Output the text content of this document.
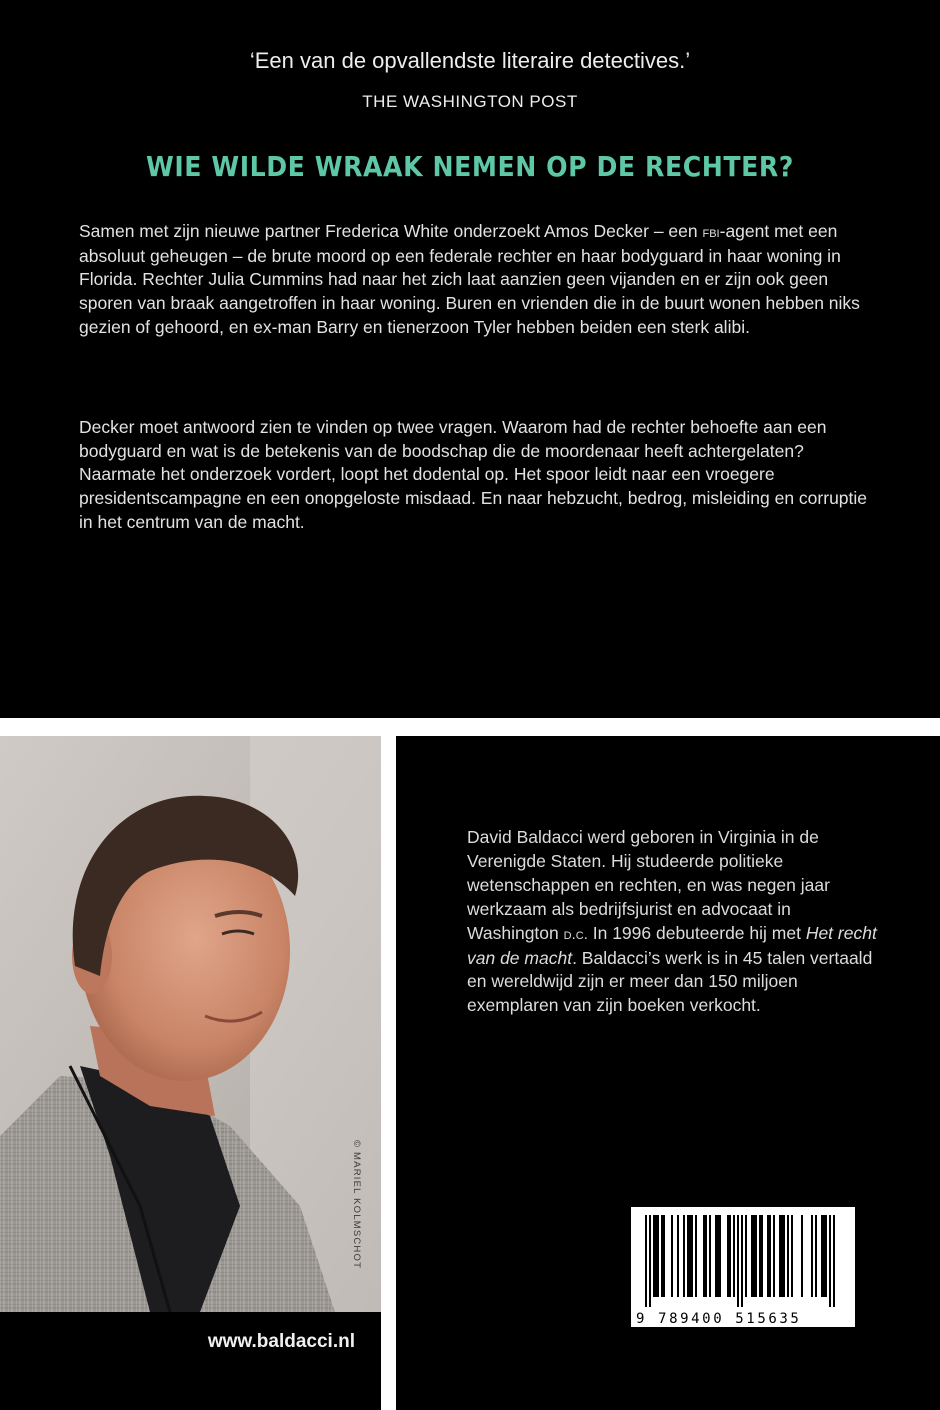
‘Een van de opvallendste literaire detectives.’
THE WASHINGTON POST
WIE WILDE WRAAK NEMEN OP DE RECHTER?

Samen met zijn nieuwe partner Frederica White onderzoekt Amos Decker – een fbi-agent met een absoluut geheugen – de brute moord op een federale rechter en haar bodyguard in haar woning in Florida. Rechter Julia Cummins had naar het zich laat aanzien geen vijanden en er zijn ook geen sporen van braak aangetroffen in haar woning. Buren en vrienden die in de buurt wonen hebben niks gezien of gehoord, en ex-man Barry en tienerzoon Tyler hebben beiden een sterk alibi.

Decker moet antwoord zien te vinden op twee vragen. Waarom had de rechter behoefte aan een bodyguard en wat is de betekenis van de boodschap die de moordenaar heeft achtergelaten? Naarmate het onderzoek vordert, loopt het dodental op. Het spoor leidt naar een vroegere presidentscampagne en een onopgeloste misdaad. En naar hebzucht, bedrog, misleiding en corruptie in het centrum van de macht.

© MARIEL KOLMSCHOT
www.baldacci.nl

David Baldacci werd geboren in Virginia in de Verenigde Staten. Hij studeerde politieke wetenschappen en rechten, en was negen jaar werkzaam als bedrijfsjurist en advocaat in Washington d.c. In 1996 debuteerde hij met Het recht van de macht. Baldacci’s werk is in 45 talen vertaald en wereldwijd zijn er meer dan 150 miljoen exemplaren van zijn boeken verkocht.

9 789400 515635
